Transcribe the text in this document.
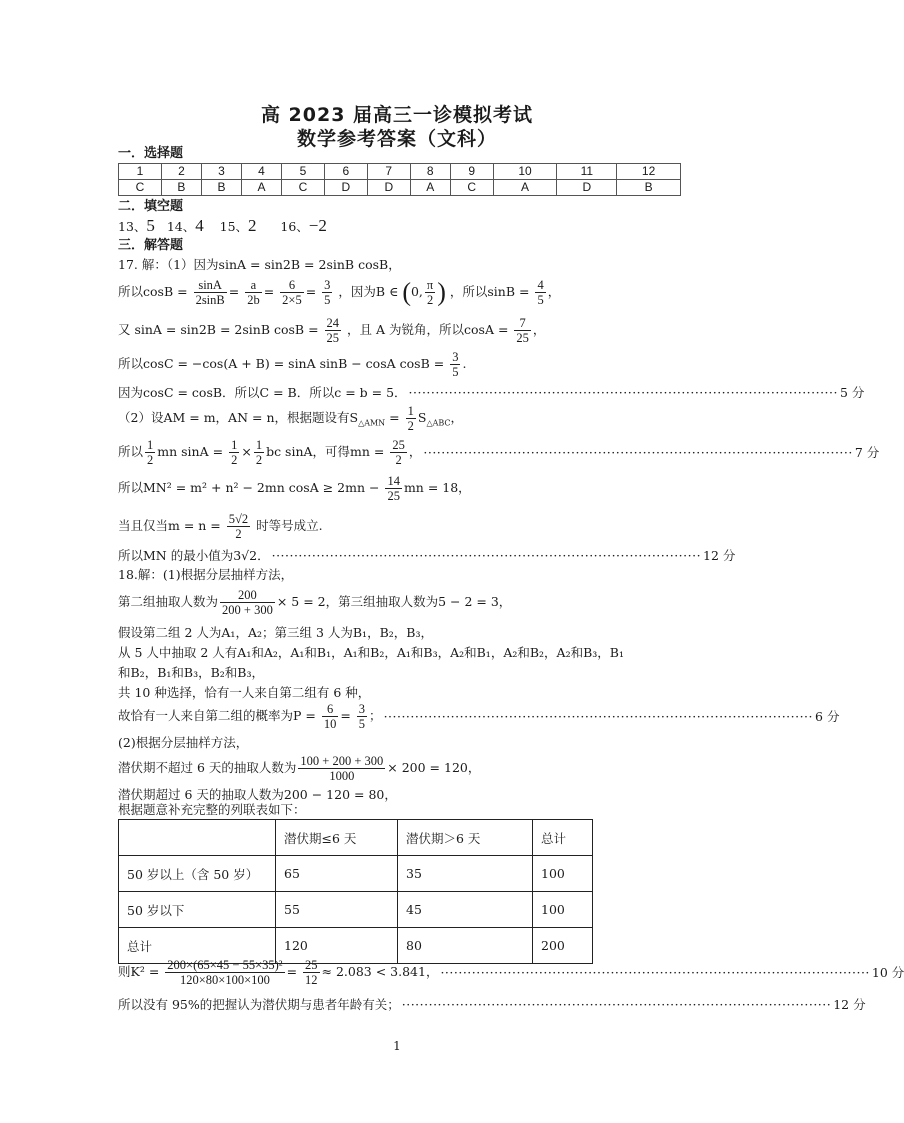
高 2023 届高三一诊模拟考试
数学参考答案（文科）
一．选择题
1	2	3	4	5	6	7	8	9	10	11	12
C	B	B	A	C	D	D	A	C	A	D	B
二．填空题
13、5 14、4 15、2 16、−2
三．解答题
17. 解：（1）因为sinA = sin2B = 2sinB cosB，
所以$\cos B = \frac{\sin A}{2\sin B} = \frac{a}{2b} = \frac{6}{2\times 5} = \frac{3}{5}$ ，因为B ∈ (0, $\frac{\pi}{2}$ ) ，所以$\sin B = \frac{4}{5}$ ，
又 sinA = sin2B = 2sinB $\cos B = \frac{24}{25}$ ，且 A 为锐角，所以$\cos A = \frac{7}{25}$ ，
所以cosC = −cos(A + B) = sinA sinB − cosA $\cos B = \frac{3}{5}$ .
因为cosC = cosB．所以C = B．所以c = b = 5． ································································································ 5 分
（2）设AM = m，AN = n，根据题设有$S_{\triangle AMN} = \frac{1}{2} S_{\triangle ABC}$，
所以 $\frac{1}{2}$ mn $\sin A = \frac{1}{2} \times \frac{1}{2}$ bc sinA，可得mn = $\frac{25}{2}$ ， ································································································ 7 分
所以MN² = m² + n² − 2mn $\cos A \ge 2mn - \frac{14}{25}$ mn = 18，
当且仅当$m = n = \frac{5√2}{2}$ 时等号成立.
所以MN 的最小值为3√2． ································································································ 12 分
18.解：(1)根据分层抽样方法，
第二组抽取人数为 $\frac{200}{200 + 300} \times 5 = 2$，第三组抽取人数为5 − 2 = 3，
假设第二组 2 人为A₁，A₂；第三组 3 人为B₁，B₂，B₃，
从 5 人中抽取 2 人有A₁和A₂，A₁和B₁，A₁和B₂，A₁和B₃，A₂和B₁，A₂和B₂，A₂和B₃，B₁
和B₂，B₁和B₃，B₂和B₃，
共 10 种选择，恰有一人来自第二组有 6 种，
故恰有一人来自第二组的概率为$P = \frac{6}{10} = \frac{3}{5}$ ； ································································································ 6 分
(2)根据分层抽样方法，
潜伏期不超过 6 天的抽取人数为 $\frac{100 + 200 + 300}{1000} \times 200 = 120$，
潜伏期超过 6 天的抽取人数为200 − 120 = 80，
根据题意补充完整的列联表如下：
	潜伏期≤6 天	潜伏期＞6 天	总计
50 岁以上（含 50 岁）	65	35	100
50 岁以下	55	45	100
总计	120	80	200
则$K^2 = \frac{\text{200×(65×45 − 55×35)²}}{120\times 80\times 100\times 100} = \frac{25}{12} \approx 2.083 < 3.841$， ································································································ 10 分
所以没有 95%的把握认为潜伏期与患者年龄有关； ································································································ 12 分
1
